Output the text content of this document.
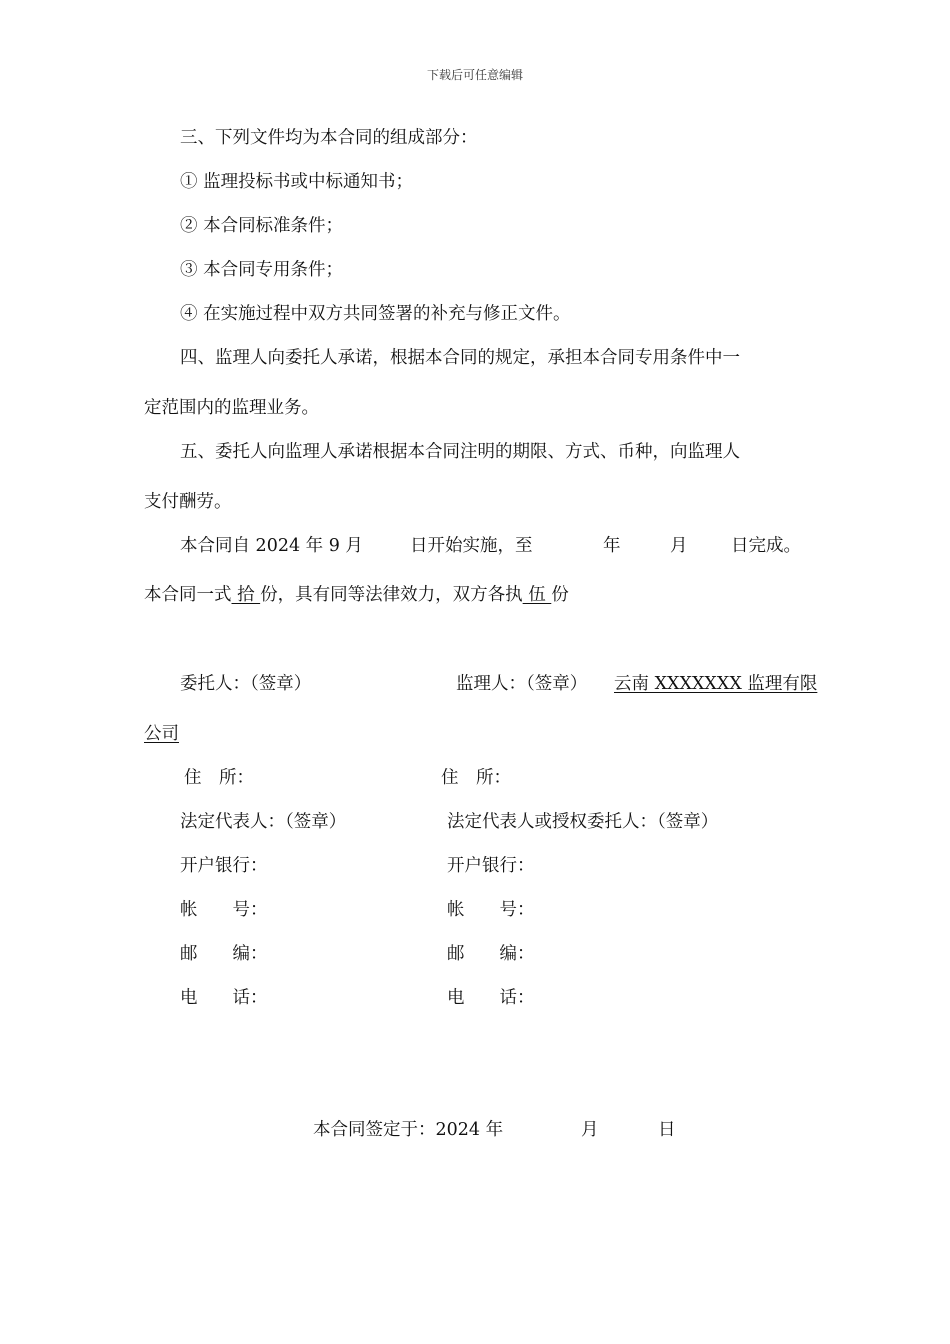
下载后可任意编辑
三、下列文件均为本合同的组成部分：
① 监理投标书或中标通知书；
② 本合同标准条件；
③ 本合同专用条件；
④ 在实施过程中双方共同签署的补充与修正文件。
四、监理人向委托人承诺，根据本合同的规定，承担本合同专用条件中一
定范围内的监理业务。
五、委托人向监理人承诺根据本合同注明的期限、方式、币种，向监理人
支付酬劳。
本合同自 2024 年 9 月	日开始实施，至	年	月 日完成。
本合同一式 拾 份，具有同等法律效力，双方各执 伍 份
委托人：（签章）	监理人：（签章） 云南 XXXXXXX 监理有限
公司
住　所：	住　所：
法定代表人：（签章）	法定代表人或授权委托人：（签章）
开户银行：	开户银行：
帐　　号：	帐　　号：
邮　　编：	邮　　编：
电　　话：	电　　话：
本合同签定于：2024 年	月	日
